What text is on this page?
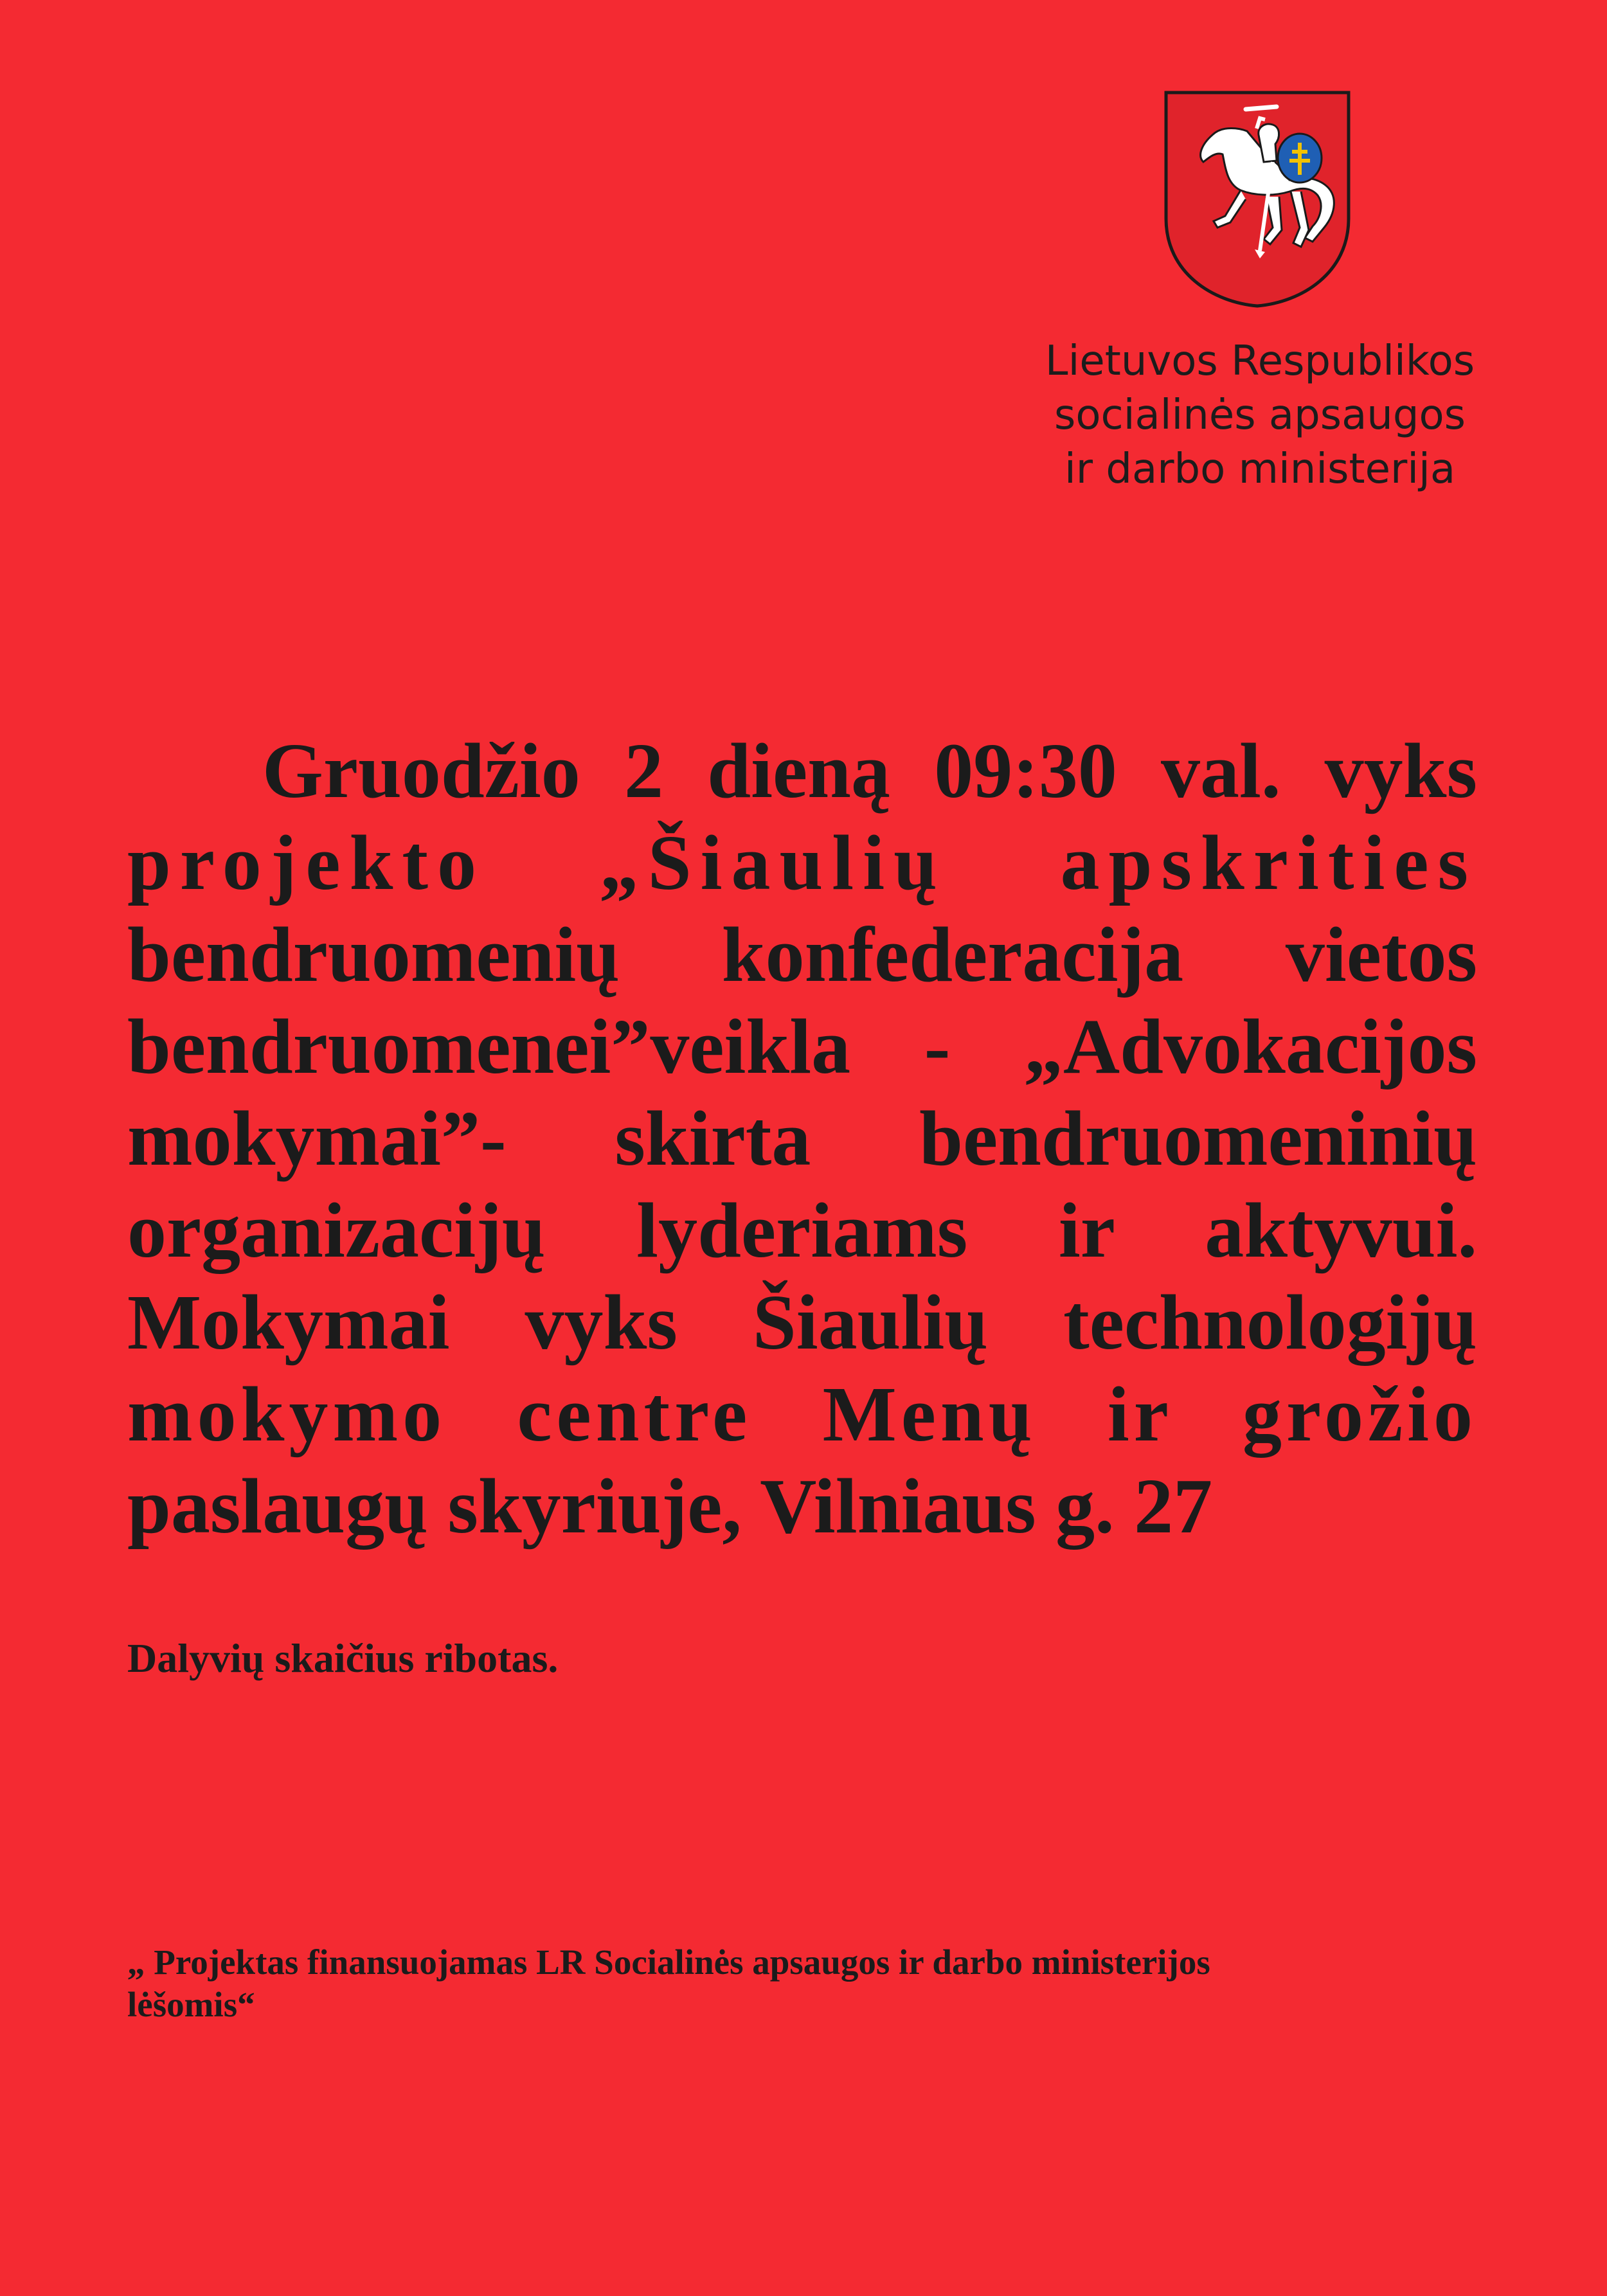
Lietuvos Respublikos
socialinės apsaugos
ir darbo ministerija
Gruodžio 2 dieną 09:30 val. vyks projekto „Šiaulių apskrities bendruomenių konfederacija vietos bendruomenei”veikla - „Advokacijos mokymai”- skirta bendruomeninių organizacijų lyderiams ir aktyvui. Mokymai vyks Šiaulių technologijų mokymo centre Menų ir grožio paslaugų skyriuje, Vilniaus g. 27
Dalyvių skaičius ribotas.
„ Projektas finansuojamas LR Socialinės apsaugos ir darbo ministerijos
lėšomis“
